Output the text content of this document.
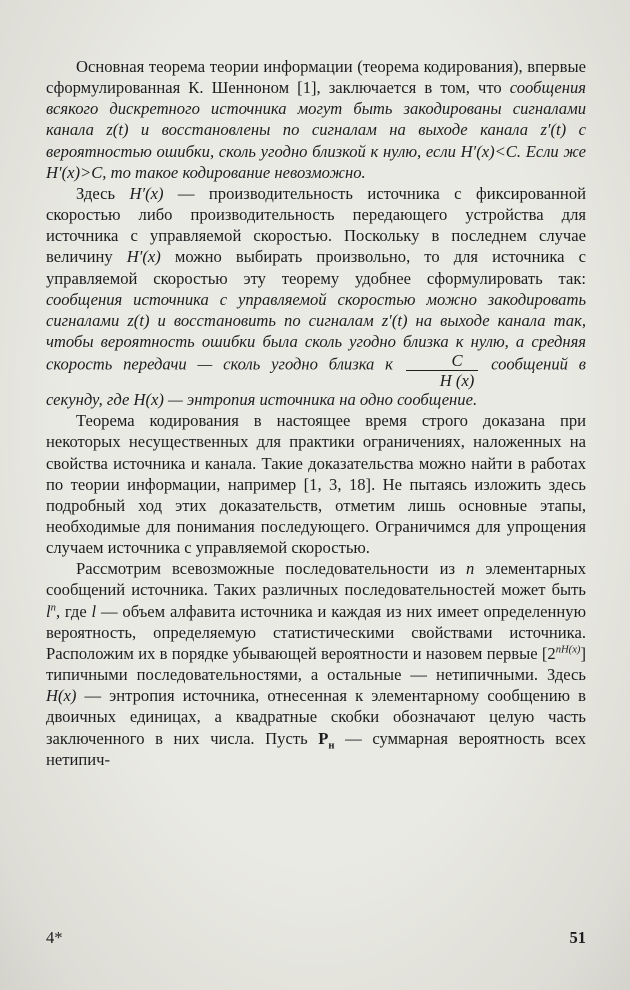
Основная теорема теории информации (теорема кодирования), впервые сформулированная К. Шенноном [1], заключается в том, что сообщения всякого дискретного источника могут быть закодированы сигналами канала z(t) и восстановлены по сигналам на выходе канала z′(t) с вероятностью ошибки, сколь угодно близкой к нулю, если H′(x)<C. Если же H′(x)>C, то такое кодирование невозможно.

Здесь H′(x) — производительность источника с фиксированной скоростью либо производительность передающего устройства для источника с управляемой скоростью. Поскольку в последнем случае величину H′(x) можно выбирать произвольно, то для источника с управляемой скоростью эту теорему удобнее сформулировать так: сообщения источника с управляемой скоростью можно закодировать сигналами z(t) и восстановить по сигналам z′(t) на выходе канала так, чтобы вероятность ошибки была сколь угодно близка к нулю, а средняя скорость передачи — сколь угодно близка к $\frac{C}{H (x)}$ сообщений в секунду, где H(x) — энтропия источника на одно сообщение.

Теорема кодирования в настоящее время строго доказана при некоторых несущественных для практики ограничениях, наложенных на свойства источника и канала. Такие доказательства можно найти в работах по теории информации, например [1, 3, 18]. Не пытаясь изложить здесь подробный ход этих доказательств, отметим лишь основные этапы, необходимые для понимания последующего. Ограничимся для упрощения случаем источника с управляемой скоростью.

Рассмотрим всевозможные последовательности из n элементарных сообщений источника. Таких различных последовательностей может быть $l^n$, где l — объем алфавита источника и каждая из них имеет определенную вероятность, определяемую статистическими свойствами источника. Расположим их в порядке убывающей вероятности и назовем первые $[2^{nH(x)}]$ типичными последовательностями, а остальные — нетипичными. Здесь H(x) — энтропия источника, отнесенная к элементарному сообщению в двоичных единицах, а квадратные скобки обозначают целую часть заключенного в них числа. Пусть $Р_н$ — суммарная вероятность всех нетипич-

4*	51
